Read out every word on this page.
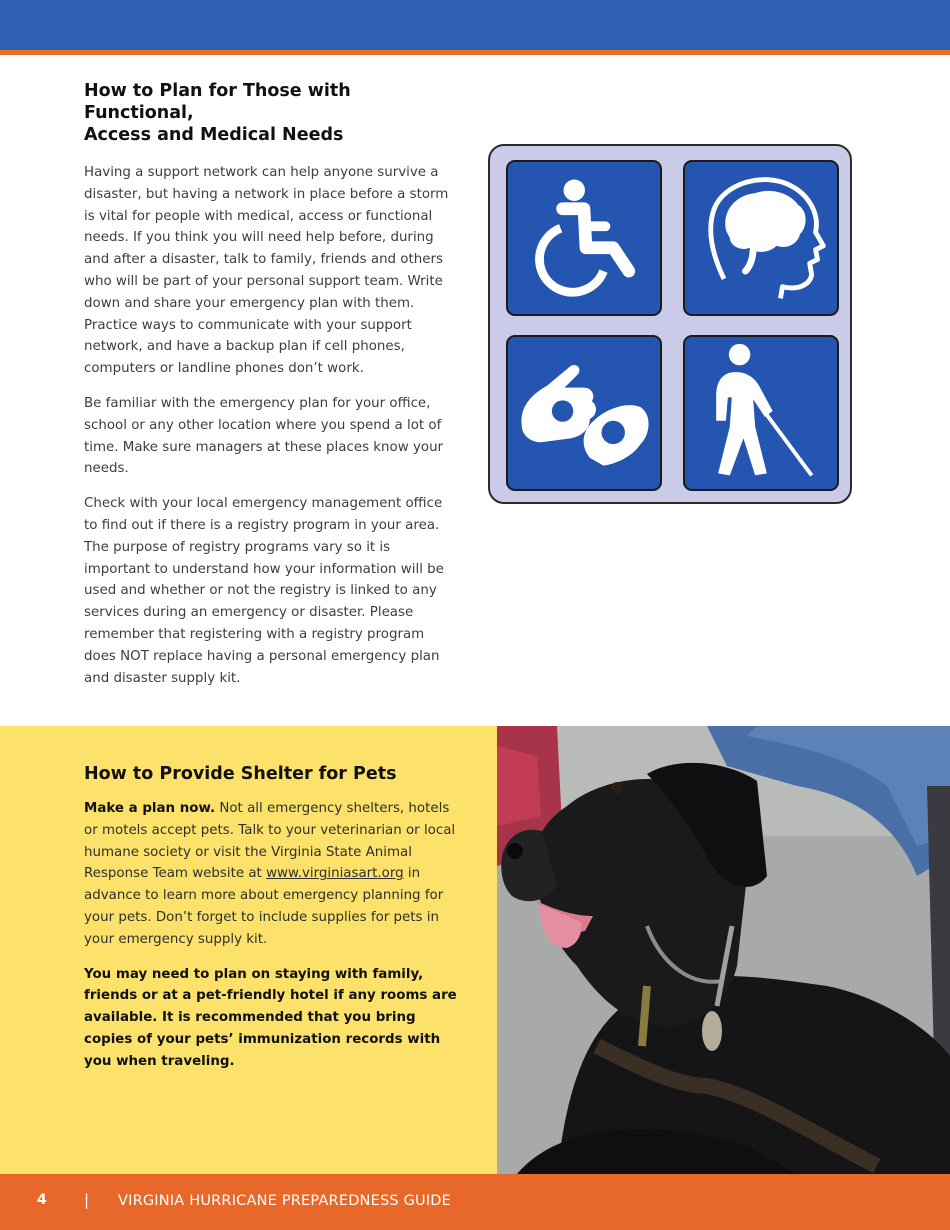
How to Plan for Those with Functional,
Access and Medical Needs

Having a support network can help anyone survive a disaster, but having a network in place before a storm is vital for people with medical, access or functional needs. If you think you will need help before, during and after a disaster, talk to family, friends and others who will be part of your personal support team. Write down and share your emergency plan with them. Practice ways to communicate with your support network, and have a backup plan if cell phones, computers or landline phones don’t work.

Be familiar with the emergency plan for your office, school or any other location where you spend a lot of time. Make sure managers at these places know your needs.

Check with your local emergency management office to find out if there is a registry program in your area. The purpose of registry programs vary so it is important to understand how your information will be used and whether or not the registry is linked to any services during an emergency or disaster. Please remember that registering with a registry program does NOT replace having a personal emergency plan and disaster supply kit.

How to Provide Shelter for Pets

Make a plan now. Not all emergency shelters, hotels or motels accept pets. Talk to your veterinarian or local humane society or visit the Virginia State Animal Response Team website at www.virginiasart.org in advance to learn more about emergency planning for your pets. Don’t forget to include supplies for pets in your emergency supply kit.

You may need to plan on staying with family, friends or at a pet-friendly hotel if any rooms are available. It is recommended that you bring copies of your pets’ immunization records with you when traveling.

4 | VIRGINIA HURRICANE PREPAREDNESS GUIDE
